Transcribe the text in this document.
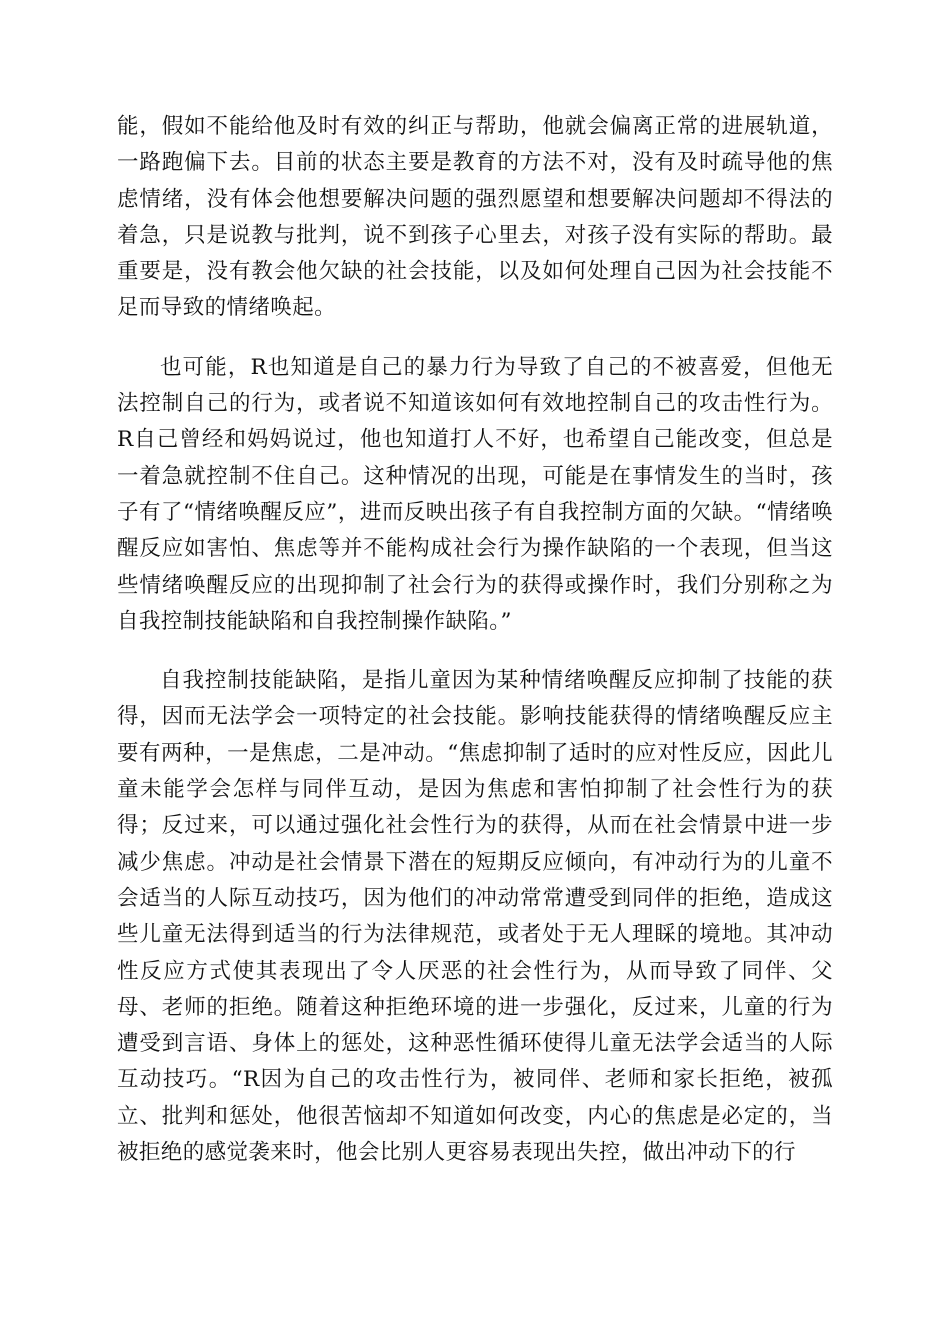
能，假如不能给他及时有效的纠正与帮助，他就会偏离正常的进展轨道，一路跑偏下去。目前的状态主要是教育的方法不对，没有及时疏导他的焦虑情绪，没有体会他想要解决问题的强烈愿望和想要解决问题却不得法的着急，只是说教与批判，说不到孩子心里去，对孩子没有实际的帮助。最重要是，没有教会他欠缺的社会技能，以及如何处理自己因为社会技能不足而导致的情绪唤起。

也可能，R也知道是自己的暴力行为导致了自己的不被喜爱，但他无法控制自己的行为，或者说不知道该如何有效地控制自己的攻击性行为。R自己曾经和妈妈说过，他也知道打人不好，也希望自己能改变，但总是一着急就控制不住自己。这种情况的出现，可能是在事情发生的当时，孩子有了“情绪唤醒反应”，进而反映出孩子有自我控制方面的欠缺。“情绪唤醒反应如害怕、焦虑等并不能构成社会行为操作缺陷的一个表现，但当这些情绪唤醒反应的出现抑制了社会行为的获得或操作时，我们分别称之为自我控制技能缺陷和自我控制操作缺陷。”

自我控制技能缺陷，是指儿童因为某种情绪唤醒反应抑制了技能的获得，因而无法学会一项特定的社会技能。影响技能获得的情绪唤醒反应主要有两种，一是焦虑，二是冲动。“焦虑抑制了适时的应对性反应，因此儿童未能学会怎样与同伴互动，是因为焦虑和害怕抑制了社会性行为的获得；反过来，可以通过强化社会性行为的获得，从而在社会情景中进一步减少焦虑。冲动是社会情景下潜在的短期反应倾向，有冲动行为的儿童不会适当的人际互动技巧，因为他们的冲动常常遭受到同伴的拒绝，造成这些儿童无法得到适当的行为法律规范，或者处于无人理睬的境地。其冲动性反应方式使其表现出了令人厌恶的社会性行为，从而导致了同伴、父母、老师的拒绝。随着这种拒绝环境的进一步强化，反过来，儿童的行为遭受到言语、身体上的惩处，这种恶性循环使得儿童无法学会适当的人际互动技巧。“R因为自己的攻击性行为，被同伴、老师和家长拒绝，被孤立、批判和惩处，他很苦恼却不知道如何改变，内心的焦虑是必定的，当被拒绝的感觉袭来时，他会比别人更容易表现出失控，做出冲动下的行
